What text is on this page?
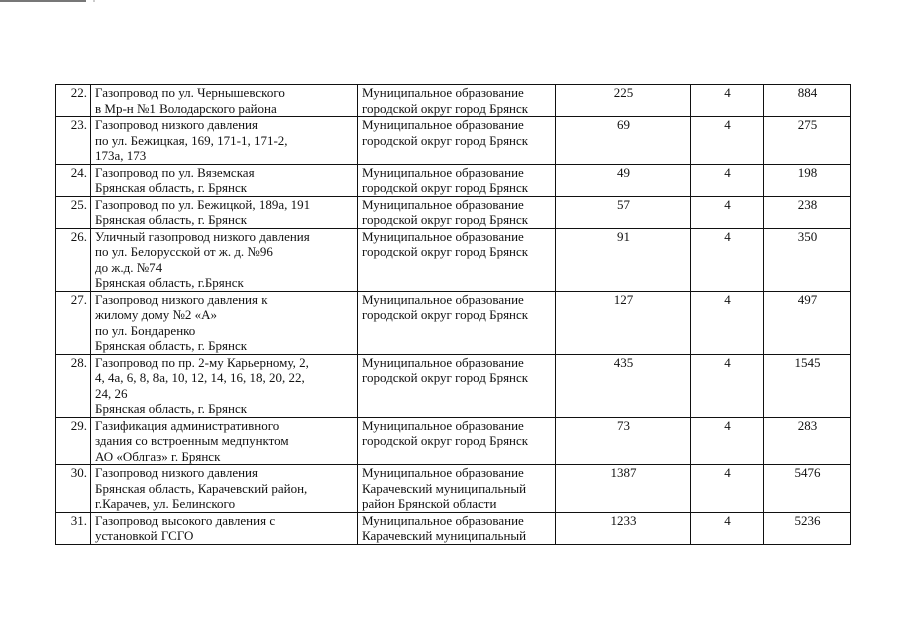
22.	Газопровод по ул. Чернышевского
в Мр-н №1 Володарского района	Муниципальное образование
городской округ город Брянск	225	4	884
23.	Газопровод низкого давления
по ул. Бежицкая, 169, 171-1, 171-2,
173а, 173	Муниципальное образование
городской округ город Брянск	69	4	275
24.	Газопровод по ул. Вяземская
Брянская область, г. Брянск	Муниципальное образование
городской округ город Брянск	49	4	198
25.	Газопровод по ул. Бежицкой, 189а, 191
Брянская область, г. Брянск	Муниципальное образование
городской округ город Брянск	57	4	238
26.	Уличный газопровод низкого давления
по ул. Белорусской от ж. д. №96
до ж.д. №74
Брянская область, г.Брянск	Муниципальное образование
городской округ город Брянск	91	4	350
27.	Газопровод низкого давления к
жилому дому №2 «А»
по ул. Бондаренко
Брянская область, г. Брянск	Муниципальное образование
городской округ город Брянск	127	4	497
28.	Газопровод по пр. 2-му Карьерному, 2,
4, 4а, 6, 8, 8а, 10, 12, 14, 16, 18, 20, 22,
24, 26
Брянская область, г. Брянск	Муниципальное образование
городской округ город Брянск	435	4	1545
29.	Газификация административного
здания со встроенным медпунктом
АО «Облгаз» г. Брянск	Муниципальное образование
городской округ город Брянск	73	4	283
30.	Газопровод низкого давления
Брянская область, Карачевский район,
г.Карачев, ул. Белинского	Муниципальное образование
Карачевский муниципальный
район Брянской области	1387	4	5476
31.	Газопровод высокого давления с
установкой ГСГО	Муниципальное образование
Карачевский муниципальный	1233	4	5236
